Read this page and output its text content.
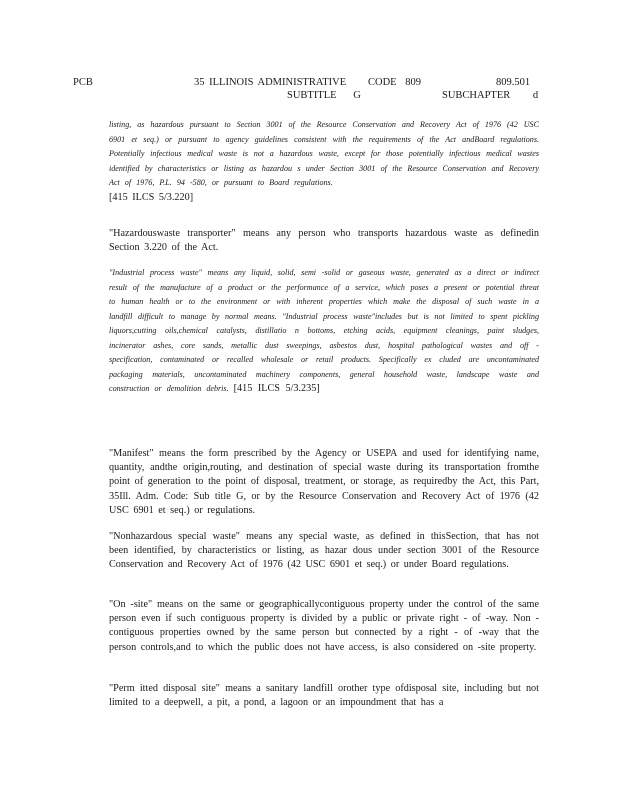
PCB	35 ILLINOIS ADMINISTRATIVE CODE 809	809.501
SUBTITLE G	SUBCHAPTER d

listing, as hazardous pursuant to Section 3001 of the Resource Conservation and Recovery Act of 1976 (42 USC 6901 et seq.) or pursuant to agency guidelines consistent with the requirements of the Act andBoard regulations. Potentially infectious medical waste is not a hazardous waste, except for those potentially infectious medical wastes identified by characteristics or listing as hazardou s under Section 3001 of the Resource Conservation and Recovery Act of 1976, P.L. 94 -580, or pursuant to Board regulations.

[415 ILCS 5/3.220]

"Hazardouswaste transporter" means any person who transports hazardous waste as definedin Section 3.220 of the Act.

"Industrial process waste" means any liquid, solid, semi -solid or gaseous waste, generated as a direct or indirect result of the manufacture of a product or the performance of a service, which poses a present or potential threat to human health or to the environment or with inherent properties which make the disposal of such waste in a landfill difficult to manage by normal means. "Industrial process waste"includes but is not limited to spent pickling liquors,cutting oils,chemical catalysts, distillatio n bottoms, etching acids, equipment cleanings, paint sludges, incinerator ashes, core sands, metallic dust sweepings, asbestos dust, hospital pathological wastes and off -specification, contaminated or recalled wholesale or retail products. Specifically ex cluded are uncontaminated packaging materials, uncontaminated machinery components, general household waste, landscape waste and construction or demolition debris. [415 ILCS 5/3.235]

"Manifest" means the form prescribed by the Agency or USEPA and used for identifying name, quantity, andthe origin,routing, and destination of special waste during its transportation fromthe point of generation to the point of disposal, treatment, or storage, as requiredby the Act, this Part, 35Ill. Adm. Code: Sub title G, or by the Resource Conservation and Recovery Act of 1976 (42 USC 6901 et seq.) or regulations.

"Nonhazardous special waste" means any special waste, as defined in thisSection, that has not been identified, by characteristics or listing, as hazar dous under section 3001 of the Resource Conservation and Recovery Act of 1976 (42 USC 6901 et seq.) or under Board regulations.

"On -site" means on the same or geographicallycontiguous property under the control of the same person even if such contiguous property is divided by a public or private right - of -way. Non -contiguous properties owned by the same person but connected by a right - of -way that the person controls,and to which the public does not have access, is also considered on -site property.

"Perm itted disposal site" means a sanitary landfill orother type ofdisposal site, including but not limited to a deepwell, a pit, a pond, a lagoon or an impoundment that has a
